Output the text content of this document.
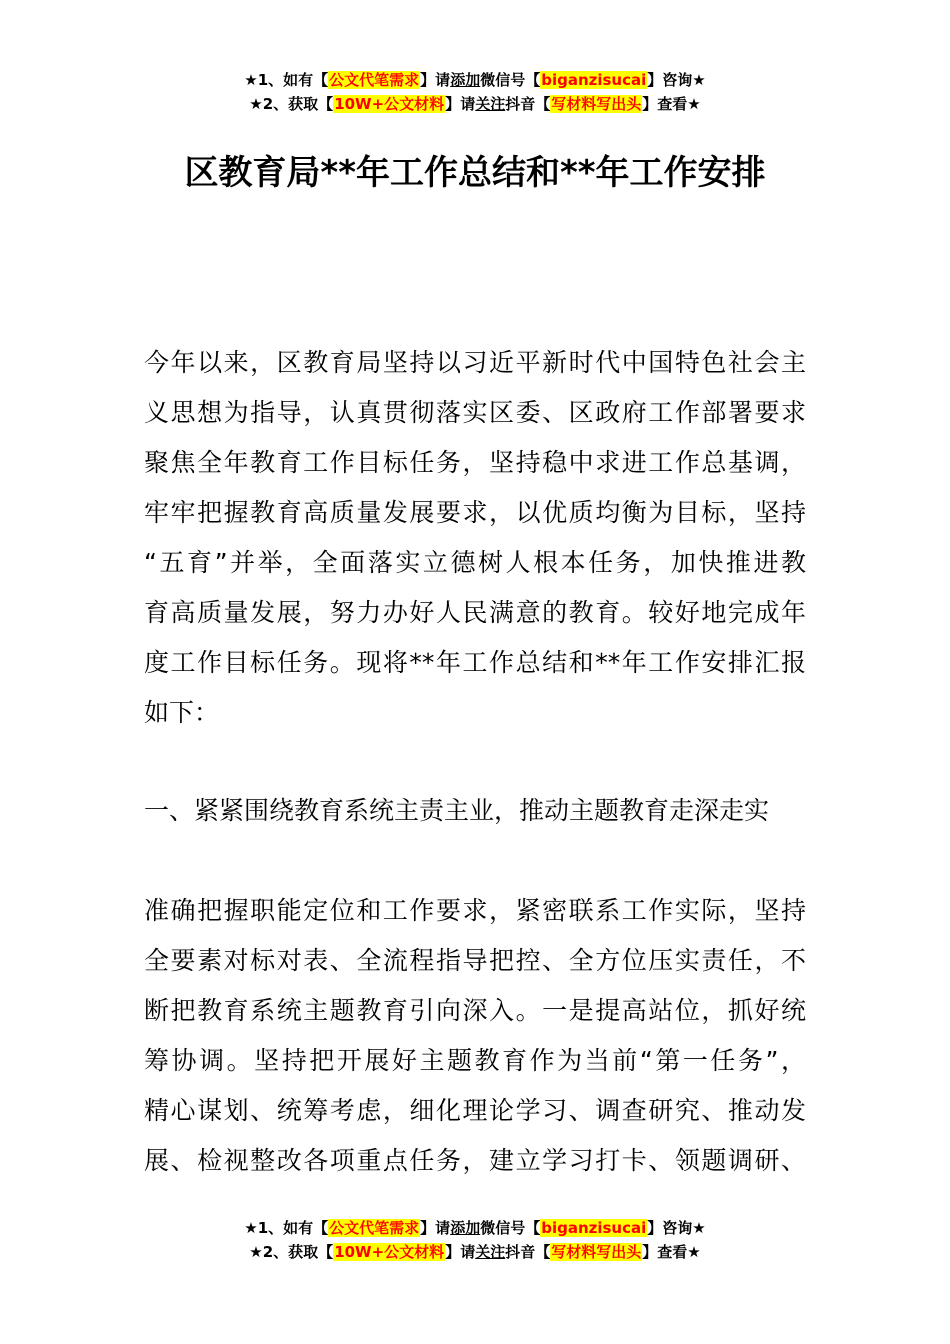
★1、如有【公文代笔需求】请添加微信号【biganzisucai】咨询★
★2、获取【10W+公文材料】请关注抖音【写材料写出头】查看★
区教育局**年工作总结和**年工作安排
今年以来，区教育局坚持以习近平新时代中国特色社会主
义思想为指导，认真贯彻落实区委、区政府工作部署要求
聚焦全年教育工作目标任务，坚持稳中求进工作总基调，
牢牢把握教育高质量发展要求，以优质均衡为目标，坚持
“五育”并举，全面落实立德树人根本任务，加快推进教
育高质量发展，努力办好人民满意的教育。较好地完成年
度工作目标任务。现将**年工作总结和**年工作安排汇报
如下：
一、紧紧围绕教育系统主责主业，推动主题教育走深走实
准确把握职能定位和工作要求，紧密联系工作实际，坚持
全要素对标对表、全流程指导把控、全方位压实责任，不
断把教育系统主题教育引向深入。一是提高站位，抓好统
筹协调。坚持把开展好主题教育作为当前“第一任务”，
精心谋划、统筹考虑，细化理论学习、调查研究、推动发
展、检视整改各项重点任务，建立学习打卡、领题调研、
★1、如有【公文代笔需求】请添加微信号【biganzisucai】咨询★
★2、获取【10W+公文材料】请关注抖音【写材料写出头】查看★
